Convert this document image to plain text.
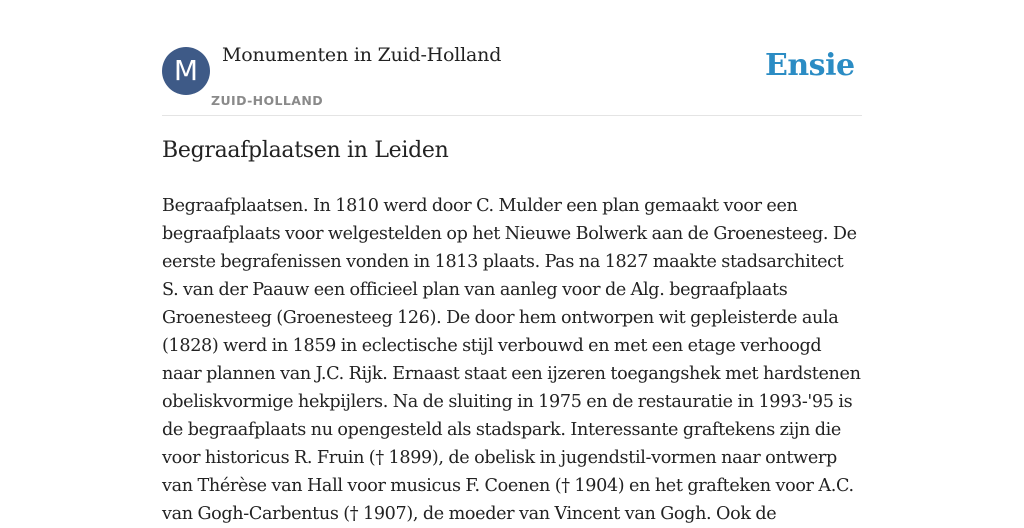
M	Monumenten in Zuid-Holland
ZUID-HOLLAND
Ensie
Begraafplaatsen in Leiden

Begraafplaatsen. In 1810 werd door C. Mulder een plan gemaakt voor een begraafplaats voor welgestelden op het Nieuwe Bolwerk aan de Groenesteeg. De eerste begrafenissen vonden in 1813 plaats. Pas na 1827 maakte stadsarchitect S. van der Paauw een officieel plan van aanleg voor de Alg. begraafplaats Groenesteeg (Groenesteeg 126). De door hem ontworpen wit gepleisterde aula (1828) werd in 1859 in eclectische stijl verbouwd en met een etage verhoogd naar plannen van J.C. Rijk. Ernaast staat een ijzeren toegangshek met hardstenen obeliskvormige hekpijlers. Na de sluiting in 1975 en de restauratie in 1993-'95 is de begraafplaats nu opengesteld als stadspark. Interessante graftekens zijn die voor historicus R. Fruin († 1899), de obelisk in jugendstil-vormen naar ontwerp van Thérèse van Hall voor musicus F. Coenen († 1904) en het grafteken voor A.C. van Gogh-Carbentus († 1907), de moeder van Vincent van Gogh. Ook de
